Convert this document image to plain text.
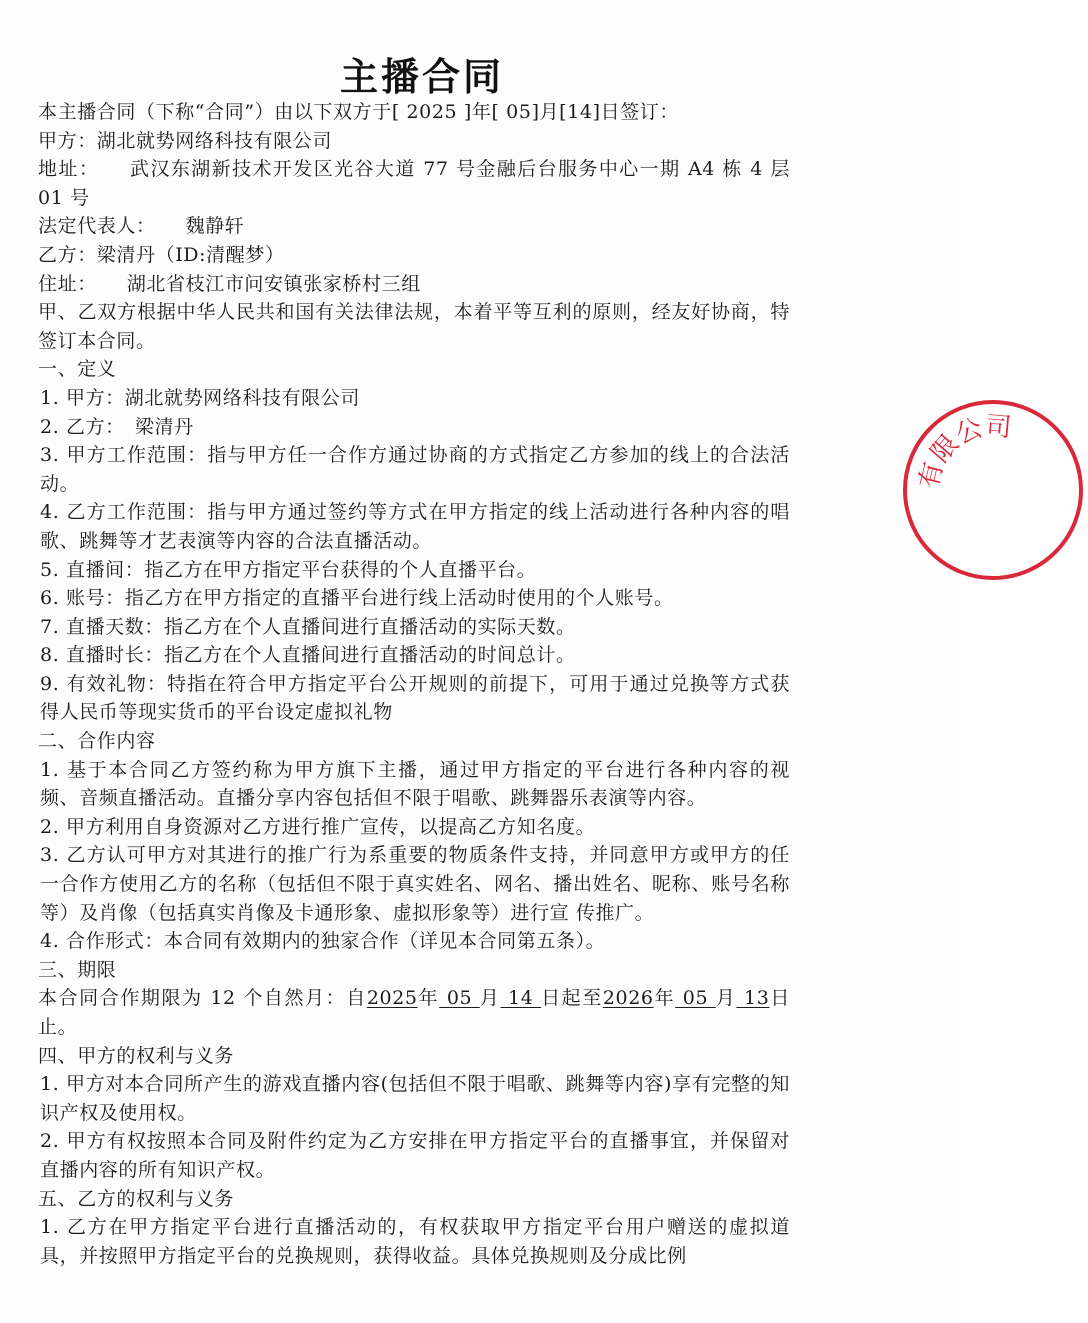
主播合同
本主播合同（下称“合同”）由以下双方于[ 2025 ]年[ 05]月[14]日签订：
甲方：湖北就势网络科技有限公司
地址： 武汉东湖新技术开发区光谷大道 77 号金融后台服务中心一期 A4 栋 4 层 01 号
法定代表人： 魏静轩
乙方：梁清丹（ID:清醒梦）
住址： 湖北省枝江市问安镇张家桥村三组
甲、乙双方根据中华人民共和国有关法律法规，本着平等互利的原则，经友好协商，特签订本合同。
一、定义
1. 甲方：湖北就势网络科技有限公司
2. 乙方：　梁清丹
3. 甲方工作范围：指与甲方任一合作方通过协商的方式指定乙方参加的线上的合法活动。
4. 乙方工作范围：指与甲方通过签约等方式在甲方指定的线上活动进行各种内容的唱歌、跳舞等才艺表演等内容的合法直播活动。
5. 直播间：指乙方在甲方指定平台获得的个人直播平台。
6. 账号：指乙方在甲方指定的直播平台进行线上活动时使用的个人账号。
7. 直播天数：指乙方在个人直播间进行直播活动的实际天数。
8. 直播时长：指乙方在个人直播间进行直播活动的时间总计。
9. 有效礼物：特指在符合甲方指定平台公开规则的前提下，可用于通过兑换等方式获得人民币等现实货币的平台设定虚拟礼物
二、合作内容
1. 基于本合同乙方签约称为甲方旗下主播，通过甲方指定的平台进行各种内容的视频、音频直播活动。直播分享内容包括但不限于唱歌、跳舞器乐表演等内容。
2. 甲方利用自身资源对乙方进行推广宣传，以提高乙方知名度。
3. 乙方认可甲方对其进行的推广行为系重要的物质条件支持，并同意甲方或甲方的任一合作方使用乙方的名称（包括但不限于真实姓名、网名、播出姓名、昵称、账号名称等）及肖像（包括真实肖像及卡通形象、虚拟形象等）进行宣 传推广。
4. 合作形式：本合同有效期内的独家合作（详见本合同第五条）。
三、期限
本合同合作期限为 12 个自然月：自2025年 05 月 14 日起至2026年 05 月 13日止。
四、甲方的权利与义务
1. 甲方对本合同所产生的游戏直播内容(包括但不限于唱歌、跳舞等内容)享有完整的知识产权及使用权。
2. 甲方有权按照本合同及附件约定为乙方安排在甲方指定平台的直播事宜，并保留对直播内容的所有知识产权。
五、乙方的权利与义务
1. 乙方在甲方指定平台进行直播活动的，有权获取甲方指定平台用户赠送的虚拟道具，并按照甲方指定平台的兑换规则，获得收益。具体兑换规则及分成比例
有限公司
